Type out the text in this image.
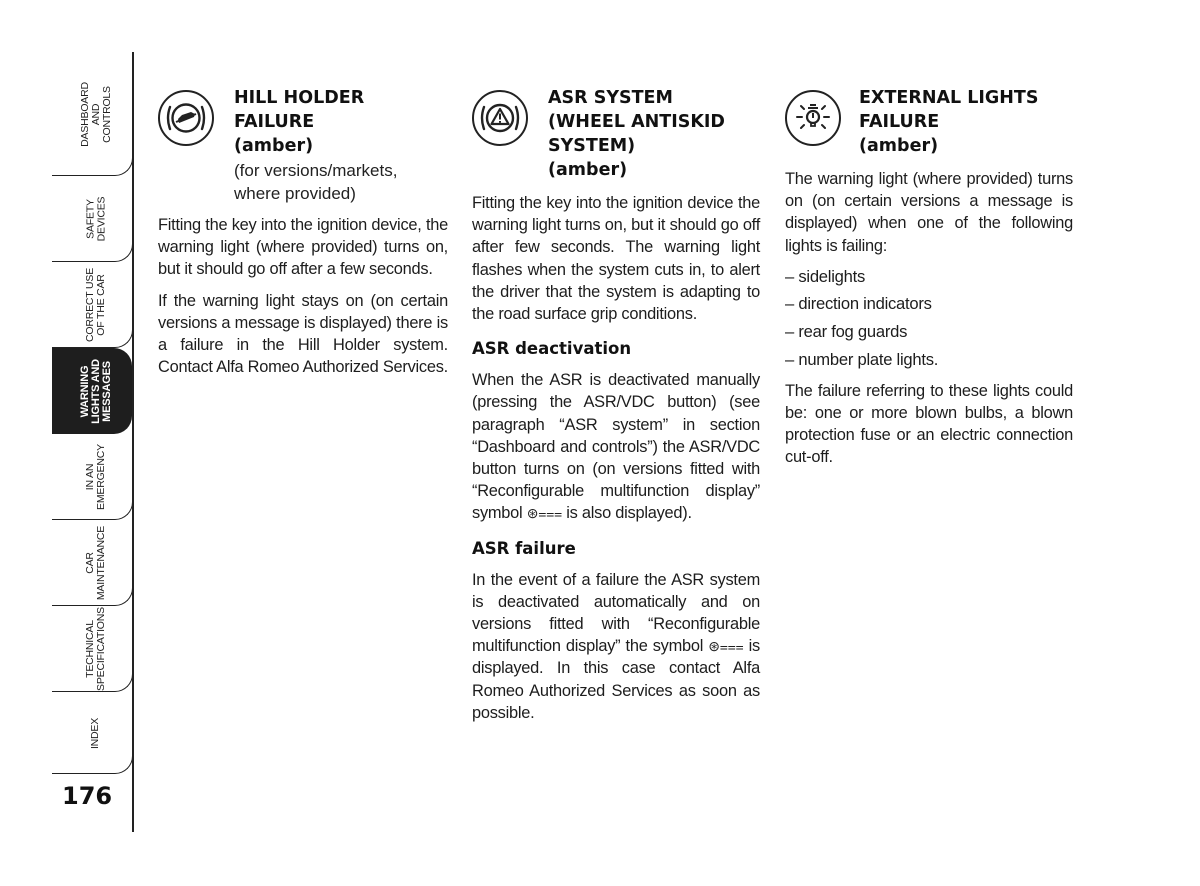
DASHBOARD
AND
CONTROLS
SAFETY
DEVICES
CORRECT USE
OF THE CAR
WARNING
LIGHTS AND
MESSAGES
IN AN
EMERGENCY
CAR
MAINTENANCE
TECHNICAL
SPECIFICATIONS
INDEX
176
HILL HOLDER
FAILURE
(amber)
(for versions/markets,
where provided)

Fitting the key into the ignition device, the warning light (where provided) turns on, but it should go off after a few seconds.

If the warning light stays on (on certain versions a message is displayed) there is a failure in the Hill Holder system. Contact Alfa Romeo Authorized Services.

ASR SYSTEM
(WHEEL ANTISKID
SYSTEM)
(amber)

Fitting the key into the ignition device the warning light turns on, but it should go off after few seconds. The warning light flashes when the system cuts in, to alert the driver that the system is adapting to the road surface grip conditions.

ASR deactivation

When the ASR is deactivated manually (pressing the ASR/VDC button) (see paragraph “ASR system” in section “Dashboard and controls”) the ASR/VDC button turns on (on versions fitted with “Reconfigurable multifunction display” symbol ⊛⩶ is also displayed).

ASR failure

In the event of a failure the ASR system is deactivated automatically and on versions fitted with “Reconfigurable multifunction display” the symbol ⊛⩶ is displayed. In this case contact Alfa Romeo Authorized Services as soon as possible.

EXTERNAL LIGHTS
FAILURE
(amber)

The warning light (where provided) turns on (on certain versions a message is displayed) when one of the following lights is failing:

– sidelights
– direction indicators
– rear fog guards
– number plate lights.

The failure referring to these lights could be: one or more blown bulbs, a blown protection fuse or an electric connection cut-off.
